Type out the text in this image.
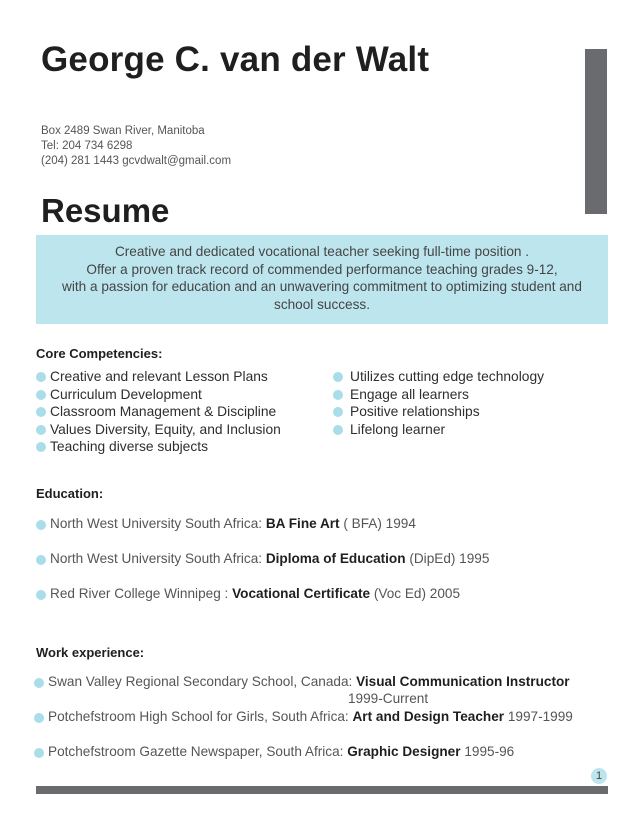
George C. van der Walt
Box 2489 Swan River, Manitoba
Tel: 204 734 6298
(204) 281 1443 gcvdwalt@gmail.com
Resume
Creative and dedicated vocational teacher seeking full-time position .
Offer a proven track record of commended performance teaching grades 9-12,
with a passion for education and an unwavering commitment to optimizing student and
school success.
Core Competencies:
Creative and relevant Lesson Plans
Curriculum Development
Classroom Management & Discipline
Values Diversity, Equity, and Inclusion
Teaching diverse subjects
Utilizes cutting edge technology
Engage all learners
Positive relationships
Lifelong learner
Education:
North West University South Africa: BA Fine Art ( BFA) 1994
North West University South Africa: Diploma of Education (DipEd) 1995
Red River College Winnipeg : Vocational Certificate (Voc Ed) 2005
Work experience:
Swan Valley Regional Secondary School, Canada: Visual Communication Instructor
1999-Current
Potchefstroom High School for Girls, South Africa: Art and Design Teacher 1997-1999
Potchefstroom Gazette Newspaper, South Africa: Graphic Designer 1995-96
1
